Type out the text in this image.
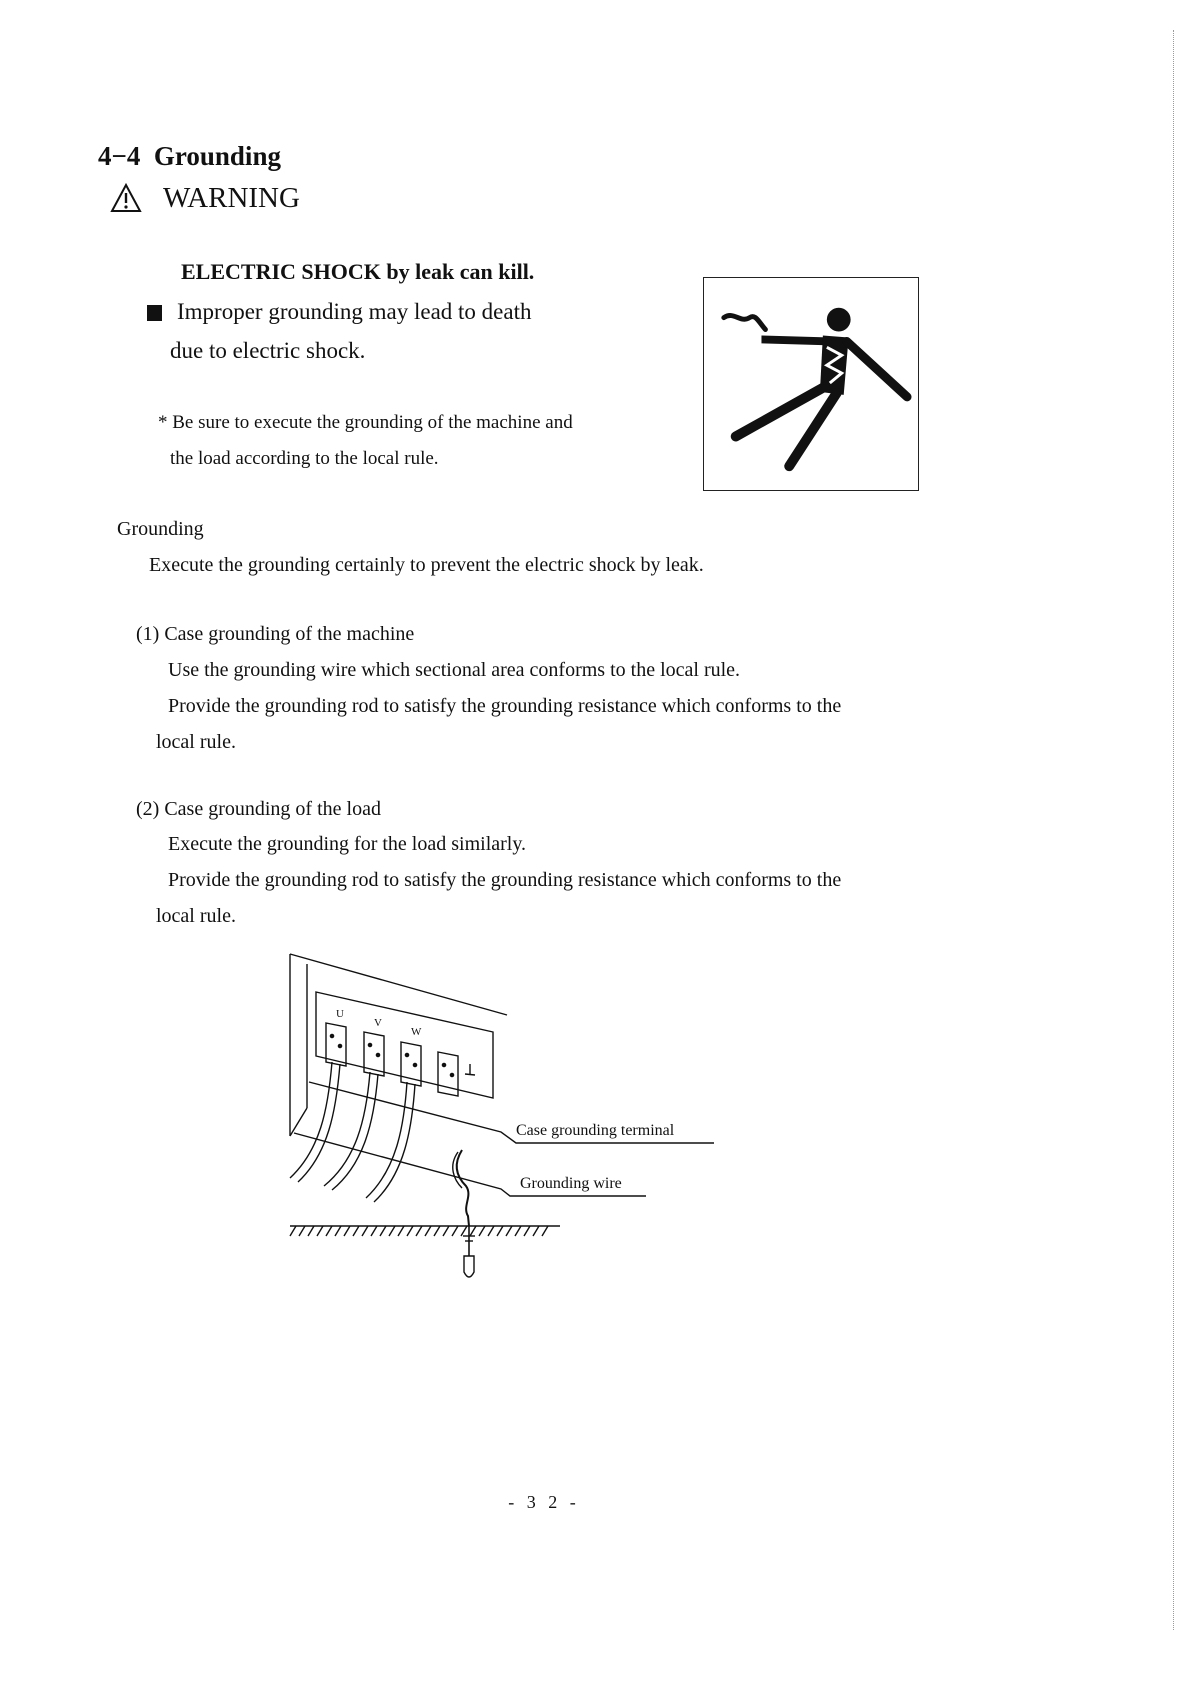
4−4 Grounding
WARNING
ELECTRIC SHOCK by leak can kill.
Improper grounding may lead to death
due to electric shock.
* Be sure to execute the grounding of the machine and
the load according to the local rule.
Grounding
Execute the grounding certainly to prevent the electric shock by leak.
(1) Case grounding of the machine
Use the grounding wire which sectional area conforms to the local rule.
Provide the grounding rod to satisfy the grounding resistance which conforms to the
local rule.
(2) Case grounding of the load
Execute the grounding for the load similarly.
Provide the grounding rod to satisfy the grounding resistance which conforms to the
local rule.
U
V
W
Case grounding terminal
Grounding wire
- 3 2 -
